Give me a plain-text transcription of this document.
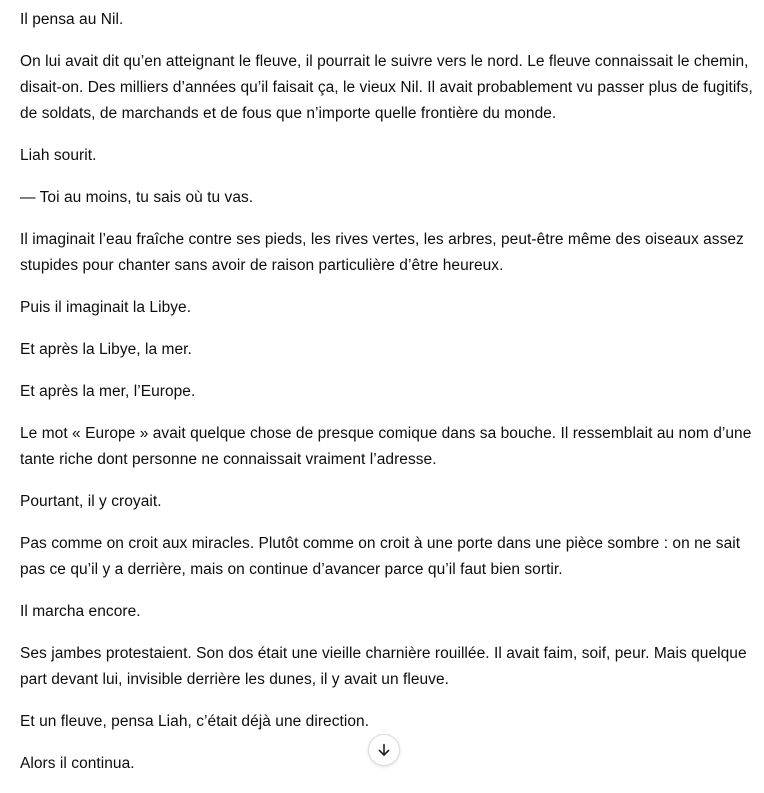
Il pensa au Nil.

On lui avait dit qu’en atteignant le fleuve, il pourrait le suivre vers le nord. Le fleuve connaissait le chemin, disait-on. Des milliers d’années qu’il faisait ça, le vieux Nil. Il avait probablement vu passer plus de fugitifs, de soldats, de marchands et de fous que n’importe quelle frontière du monde.

Liah sourit.

— Toi au moins, tu sais où tu vas.

Il imaginait l’eau fraîche contre ses pieds, les rives vertes, les arbres, peut-être même des oiseaux assez stupides pour chanter sans avoir de raison particulière d’être heureux.

Puis il imaginait la Libye.

Et après la Libye, la mer.

Et après la mer, l’Europe.

Le mot « Europe » avait quelque chose de presque comique dans sa bouche. Il ressemblait au nom d’une tante riche dont personne ne connaissait vraiment l’adresse.

Pourtant, il y croyait.

Pas comme on croit aux miracles. Plutôt comme on croit à une porte dans une pièce sombre : on ne sait pas ce qu’il y a derrière, mais on continue d’avancer parce qu’il faut bien sortir.

Il marcha encore.

Ses jambes protestaient. Son dos était une vieille charnière rouillée. Il avait faim, soif, peur. Mais quelque part devant lui, invisible derrière les dunes, il y avait un fleuve.

Et un fleuve, pensa Liah, c’était déjà une direction.

Alors il continua.
